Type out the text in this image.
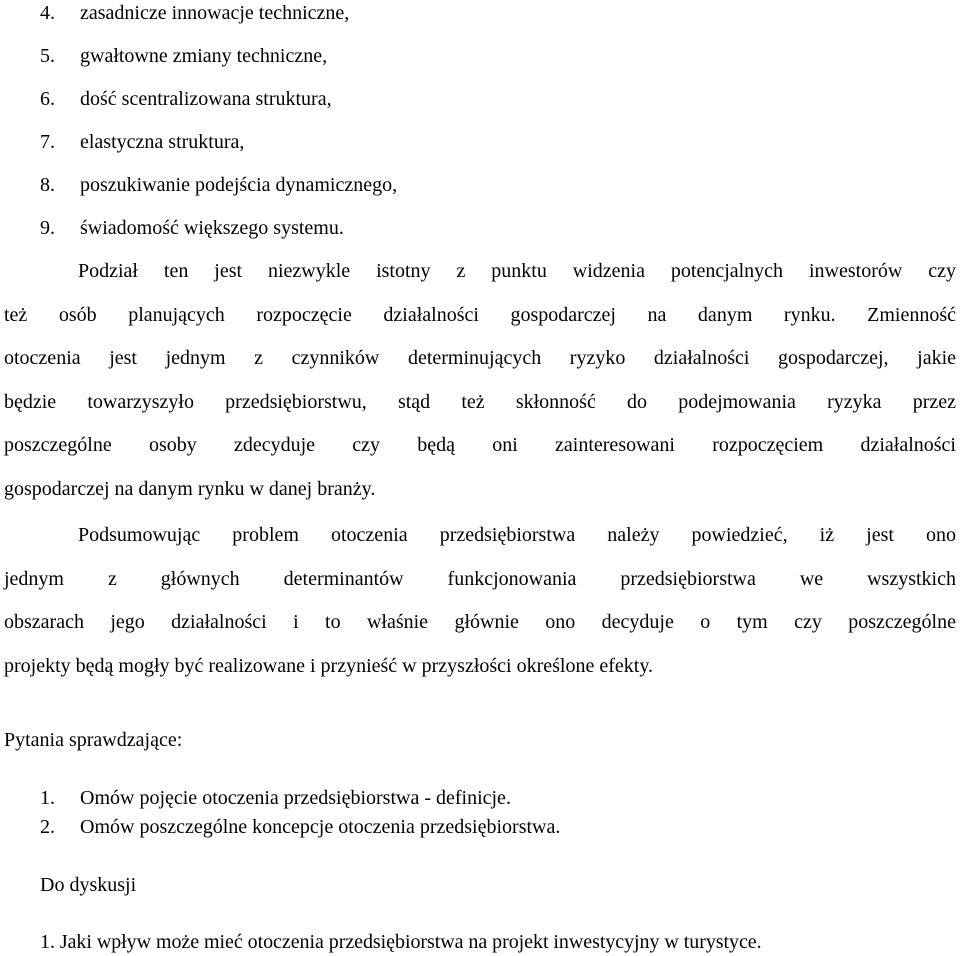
4. zasadnicze innowacje techniczne,
5. gwałtowne zmiany techniczne,
6. dość scentralizowana struktura,
7. elastyczna struktura,
8. poszukiwanie podejścia dynamicznego,
9. świadomość większego systemu.
Podział ten jest niezwykle istotny z punktu widzenia potencjalnych inwestorów czy
też osób planujących rozpoczęcie działalności gospodarczej na danym rynku. Zmienność
otoczenia jest jednym z czynników determinujących ryzyko działalności gospodarczej, jakie
będzie towarzyszyło przedsiębiorstwu, stąd też skłonność do podejmowania ryzyka przez
poszczególne osoby zdecyduje czy będą oni zainteresowani rozpoczęciem działalności
gospodarczej na danym rynku w danej branży.
Podsumowując problem otoczenia przedsiębiorstwa należy powiedzieć, iż jest ono
jednym z głównych determinantów funkcjonowania przedsiębiorstwa we wszystkich
obszarach jego działalności i to właśnie głównie ono decyduje o tym czy poszczególne
projekty będą mogły być realizowane i przynieść w przyszłości określone efekty.
Pytania sprawdzające:
1. Omów pojęcie otoczenia przedsiębiorstwa - definicje.
2. Omów poszczególne koncepcje otoczenia przedsiębiorstwa.
Do dyskusji
1. Jaki wpływ może mieć otoczenia przedsiębiorstwa na projekt inwestycyjny w turystyce.
